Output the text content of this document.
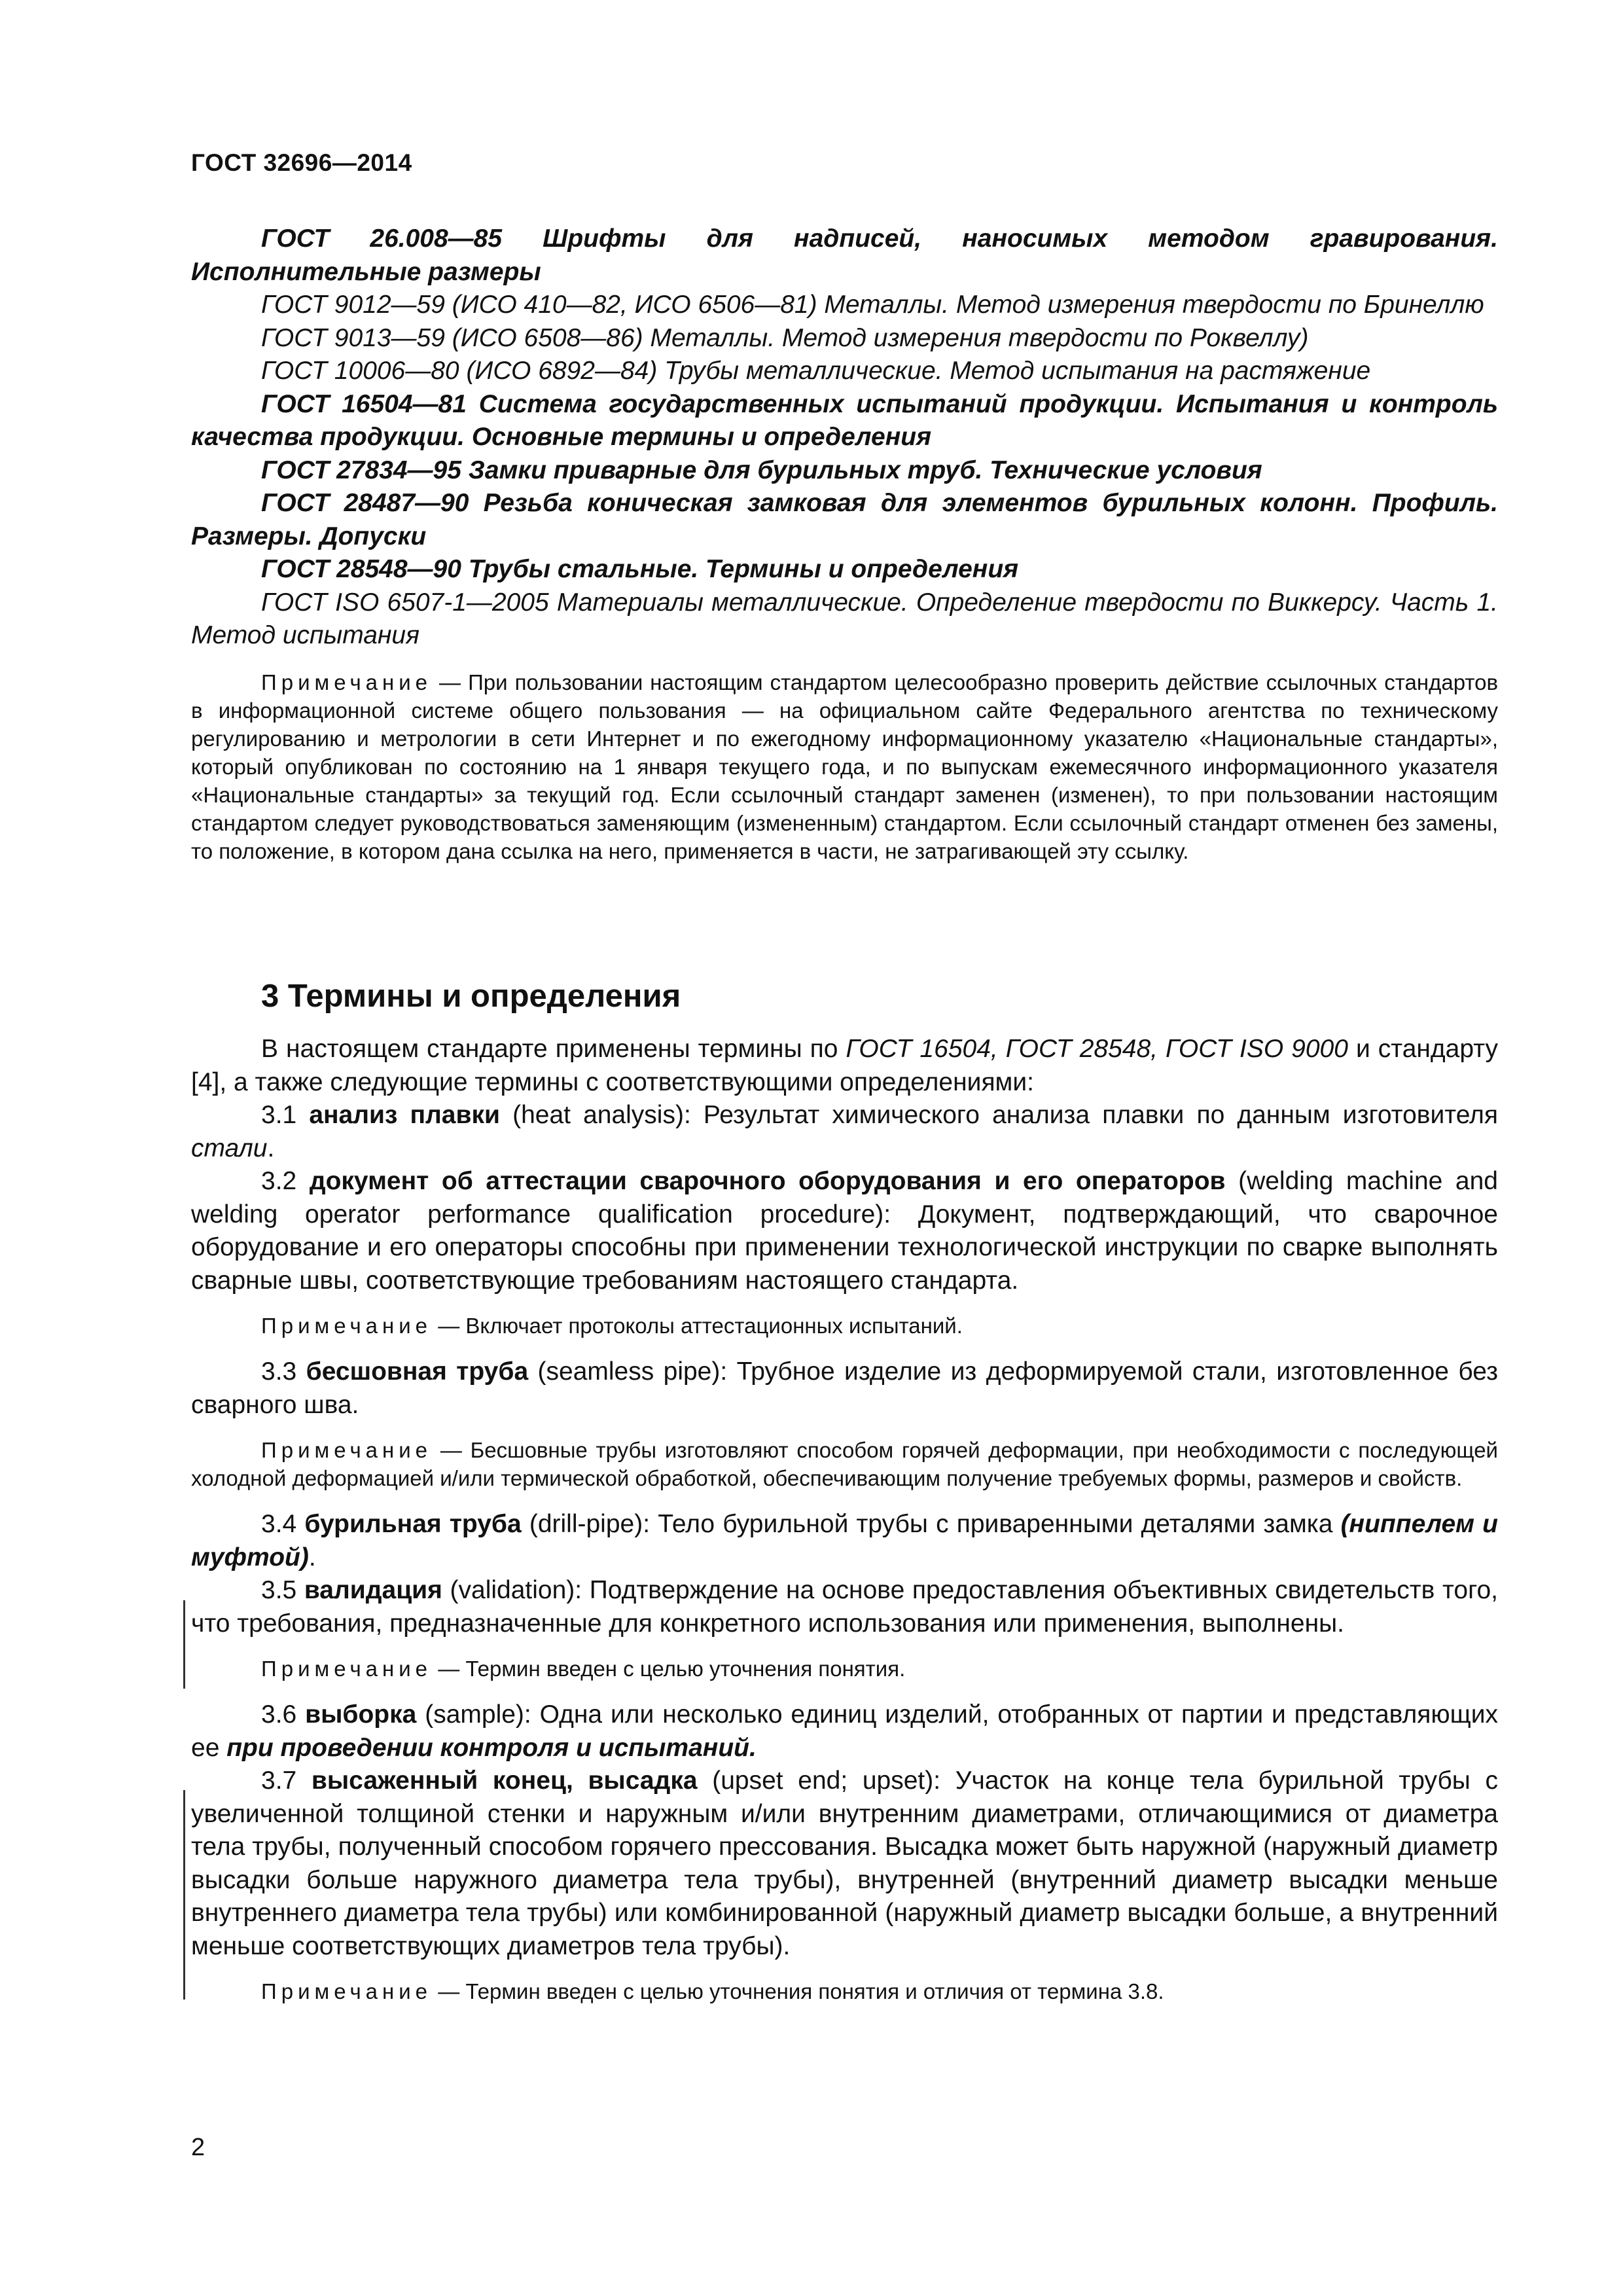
ГОСТ 32696—2014

ГОСТ 26.008—85 Шрифты для надписей, наносимых методом гравирования. Исполнительные размеры

ГОСТ 9012—59 (ИСО 410—82, ИСО 6506—81) Металлы. Метод измерения твердости по Бринеллю

ГОСТ 9013—59 (ИСО 6508—86) Металлы. Метод измерения твердости по Роквеллу)

ГОСТ 10006—80 (ИСО 6892—84) Трубы металлические. Метод испытания на растяжение

ГОСТ 16504—81 Система государственных испытаний продукции. Испытания и контроль качества продукции. Основные термины и определения

ГОСТ 27834—95 Замки приварные для бурильных труб. Технические условия

ГОСТ 28487—90 Резьба коническая замковая для элементов бурильных колонн. Профиль. Размеры. Допуски

ГОСТ 28548—90 Трубы стальные. Термины и определения

ГОСТ ISO 6507-1—2005 Материалы металлические. Определение твердости по Виккерсу. Часть 1. Метод испытания

Примечание — При пользовании настоящим стандартом целесообразно проверить действие ссылочных стандартов в информационной системе общего пользования — на официальном сайте Федерального агентства по техническому регулированию и метрологии в сети Интернет и по ежегодному информационному указателю «Национальные стандарты», который опубликован по состоянию на 1 января текущего года, и по выпускам ежемесячного информационного указателя «Национальные стандарты» за текущий год. Если ссылочный стандарт заменен (изменен), то при пользовании настоящим стандартом следует руководствоваться заменяющим (измененным) стандартом. Если ссылочный стандарт отменен без замены, то положение, в котором дана ссылка на него, применяется в части, не затрагивающей эту ссылку.

3 Термины и определения

В настоящем стандарте применены термины по ГОСТ 16504, ГОСТ 28548, ГОСТ ISO 9000 и стандарту [4], а также следующие термины с соответствующими определениями:

3.1 анализ плавки (heat analysis): Результат химического анализа плавки по данным изготовителя стали.

3.2 документ об аттестации сварочного оборудования и его операторов (welding machine and welding operator performance qualification procedure): Документ, подтверждающий, что сварочное оборудование и его операторы способны при применении технологической инструкции по сварке выполнять сварные швы, соответствующие требованиям настоящего стандарта.

Примечание — Включает протоколы аттестационных испытаний.

3.3 бесшовная труба (seamless pipe): Трубное изделие из деформируемой стали, изготовленное без сварного шва.

Примечание — Бесшовные трубы изготовляют способом горячей деформации, при необходимости с последующей холодной деформацией и/или термической обработкой, обеспечивающим получение требуемых формы, размеров и свойств.

3.4 бурильная труба (drill-pipe): Тело бурильной трубы с приваренными деталями замка (ниппелем и муфтой).

3.5 валидация (validation): Подтверждение на основе предоставления объективных свидетельств того, что требования, предназначенные для конкретного использования или применения, выполнены.

Примечание — Термин введен с целью уточнения понятия.

3.6 выборка (sample): Одна или несколько единиц изделий, отобранных от партии и представляющих ее при проведении контроля и испытаний.

3.7 высаженный конец, высадка (upset end; upset): Участок на конце тела бурильной трубы с увеличенной толщиной стенки и наружным и/или внутренним диаметрами, отличающимися от диаметра тела трубы, полученный способом горячего прессования. Высадка может быть наружной (наружный диаметр высадки больше наружного диаметра тела трубы), внутренней (внутренний диаметр высадки меньше внутреннего диаметра тела трубы) или комбинированной (наружный диаметр высадки больше, а внутренний меньше соответствующих диаметров тела трубы).

Примечание — Термин введен с целью уточнения понятия и отличия от термина 3.8.

2
